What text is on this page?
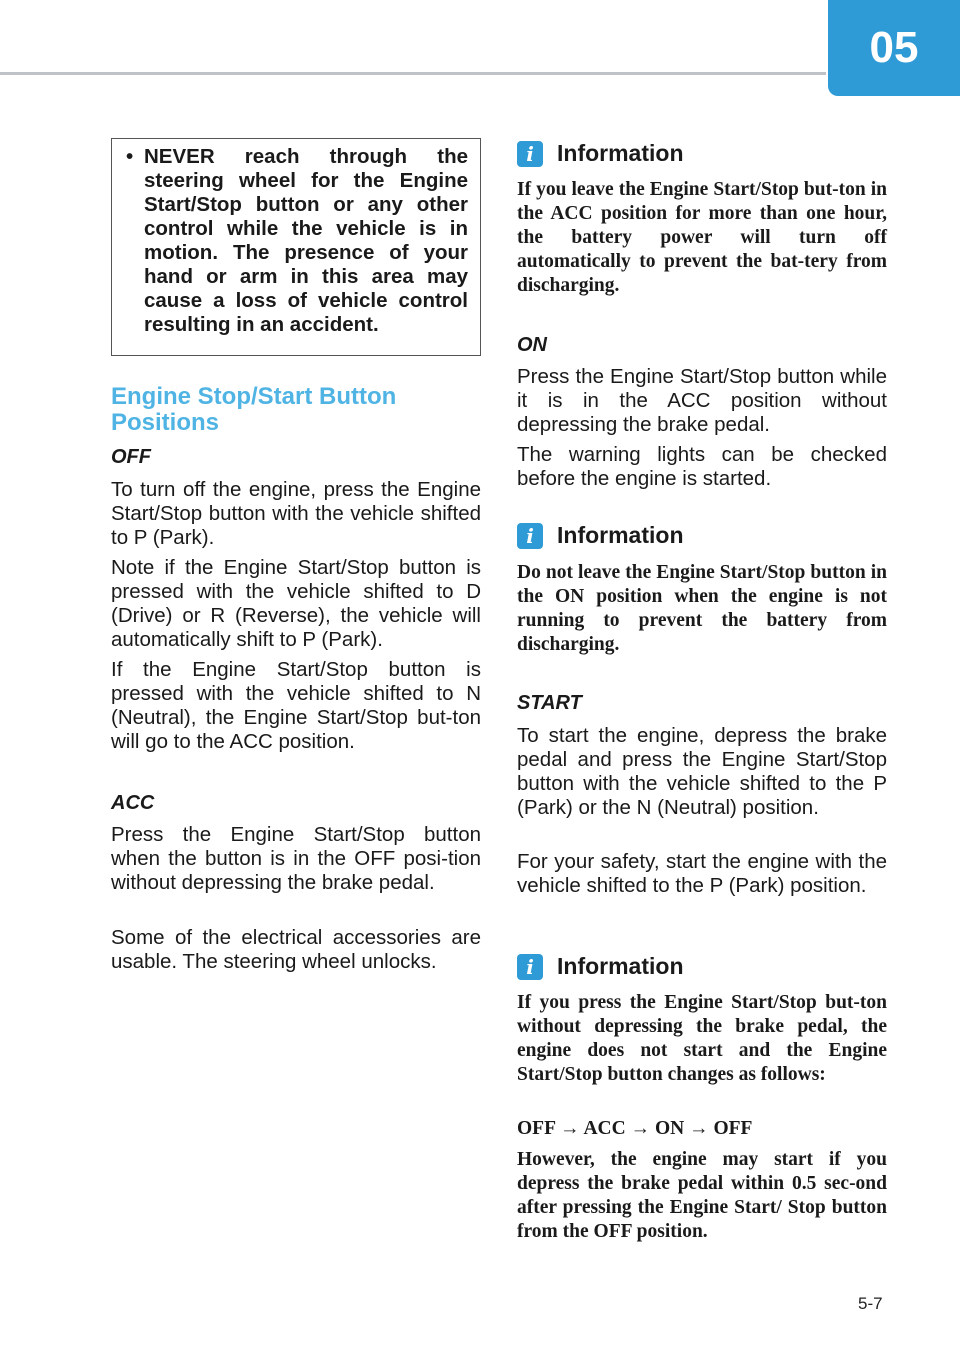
05
• NEVER reach through the steering wheel for the Engine Start/Stop button or any other control while the vehicle is in motion. The presence of your hand or arm in this area may cause a loss of vehicle control resulting in an accident.
Engine Stop/Start Button Positions
OFF

To turn off the engine, press the Engine Start/Stop button with the vehicle shifted to P (Park).

Note if the Engine Start/Stop button is pressed with the vehicle shifted to D (Drive) or R (Reverse), the vehicle will automatically shift to P (Park).

If the Engine Start/Stop button is pressed with the vehicle shifted to N (Neutral), the Engine Start/Stop but-ton will go to the ACC position.

ACC

Press the Engine Start/Stop button when the button is in the OFF posi-tion without depressing the brake pedal.

Some of the electrical accessories are usable. The steering wheel unlocks.

i	Information

If you leave the Engine Start/Stop but-ton in the ACC position for more than one hour, the battery power will turn off automatically to prevent the bat-tery from discharging.

ON

Press the Engine Start/Stop button while it is in the ACC position without depressing the brake pedal.

The warning lights can be checked before the engine is started.

i	Information

Do not leave the Engine Start/Stop button in the ON position when the engine is not running to prevent the battery from discharging.

START

To start the engine, depress the brake pedal and press the Engine Start/Stop button with the vehicle shifted to the P (Park) or the N (Neutral) position.

For your safety, start the engine with the vehicle shifted to the P (Park) position.

i	Information

If you press the Engine Start/Stop but-ton without depressing the brake pedal, the engine does not start and the Engine Start/Stop button changes as follows:

OFF → ACC → ON → OFF

However, the engine may start if you depress the brake pedal within 0.5 sec-ond after pressing the Engine Start/ Stop button from the OFF position.

5-7
